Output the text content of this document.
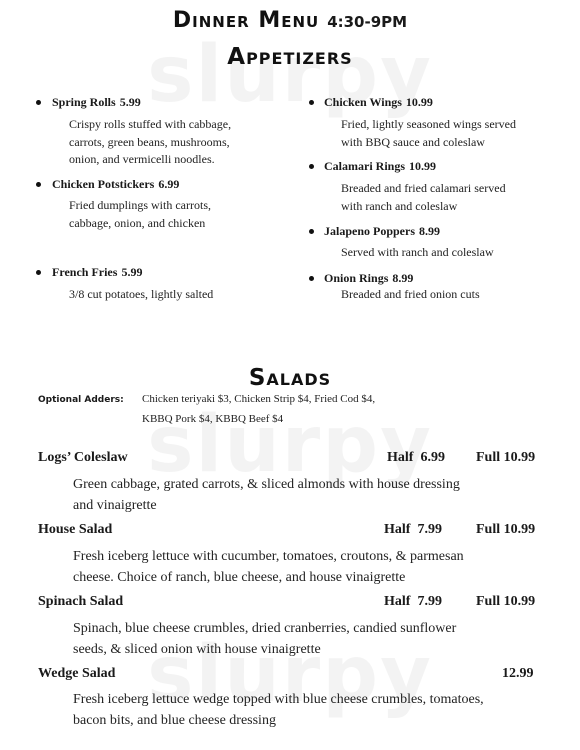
Dinner Menu 4:30-9PM
Appetizers
Spring Rolls 5.99
Crispy rolls stuffed with cabbage,
carrots, green beans, mushrooms,
onion, and vermicelli noodles.
Chicken Potstickers 6.99
Fried dumplings with carrots,
cabbage, onion, and chicken
French Fries 5.99
3/8 cut potatoes, lightly salted
Chicken Wings 10.99
Fried, lightly seasoned wings served
with BBQ sauce and coleslaw
Calamari Rings 10.99
Breaded and fried calamari served
with ranch and coleslaw
Jalapeno Poppers 8.99
Served with ranch and coleslaw
Onion Rings 8.99
Breaded and fried onion cuts
Salads
Optional Adders: Chicken teriyaki $3, Chicken Strip $4, Fried Cod $4,
KBBQ Pork $4, KBBQ Beef $4
Logs’ Coleslaw	Half 6.99 Full 10.99
Green cabbage, grated carrots, & sliced almonds with house dressing
and vinaigrette
House Salad	Half 7.99 Full 10.99
Fresh iceberg lettuce with cucumber, tomatoes, croutons, & parmesan
cheese. Choice of ranch, blue cheese, and house vinaigrette
Spinach Salad	Half 7.99 Full 10.99
Spinach, blue cheese crumbles, dried cranberries, candied sunflower
seeds, & sliced onion with house vinaigrette
Wedge Salad	12.99
Fresh iceberg lettuce wedge topped with blue cheese crumbles, tomatoes,
bacon bits, and blue cheese dressing
